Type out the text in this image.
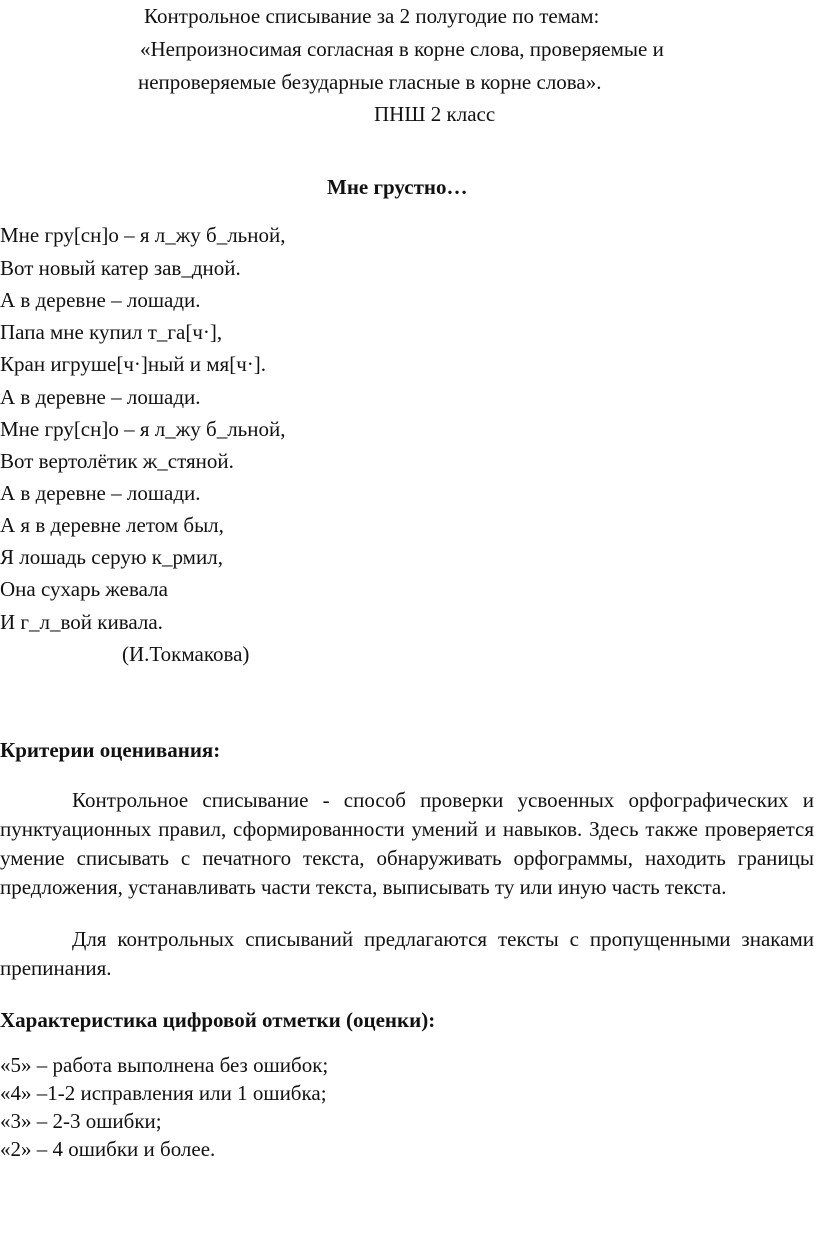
Контрольное списывание за 2 полугодие по темам:
«Непроизносимая согласная в корне слова, проверяемые и
непроверяемые безударные гласные в корне слова».
ПНШ 2 класс
Мне грустно…
Мне гру[сн]о – я л_жу б_льной,
Вот новый катер зав_дной.
А в деревне – лошади.
Папа мне купил т_га[ч·],
Кран игруше[ч·]ный и мя[ч·].
А в деревне – лошади.
Мне гру[сн]о – я л_жу б_льной,
Вот вертолётик ж_стяной.
А в деревне – лошади.
А я в деревне летом был,
Я лошадь серую к_рмил,
Она сухарь жевала
И г_л_вой кивала.
(И.Токмакова)
Критерии оценивания:
Контрольное списывание - способ проверки усвоенных орфографических и пунктуационных правил, сформированности умений и навыков. Здесь также проверяется умение списывать с печатного текста, обнаруживать орфограммы, находить границы предложения, устанавливать части текста, выписывать ту или иную часть текста.
Для контрольных списываний предлагаются тексты с пропущенными знаками препинания.
Характеристика цифровой отметки (оценки):
«5» – работа выполнена без ошибок;
«4» –1-2 исправления или 1 ошибка;
«3» – 2-3 ошибки;
«2» – 4 ошибки и более.
